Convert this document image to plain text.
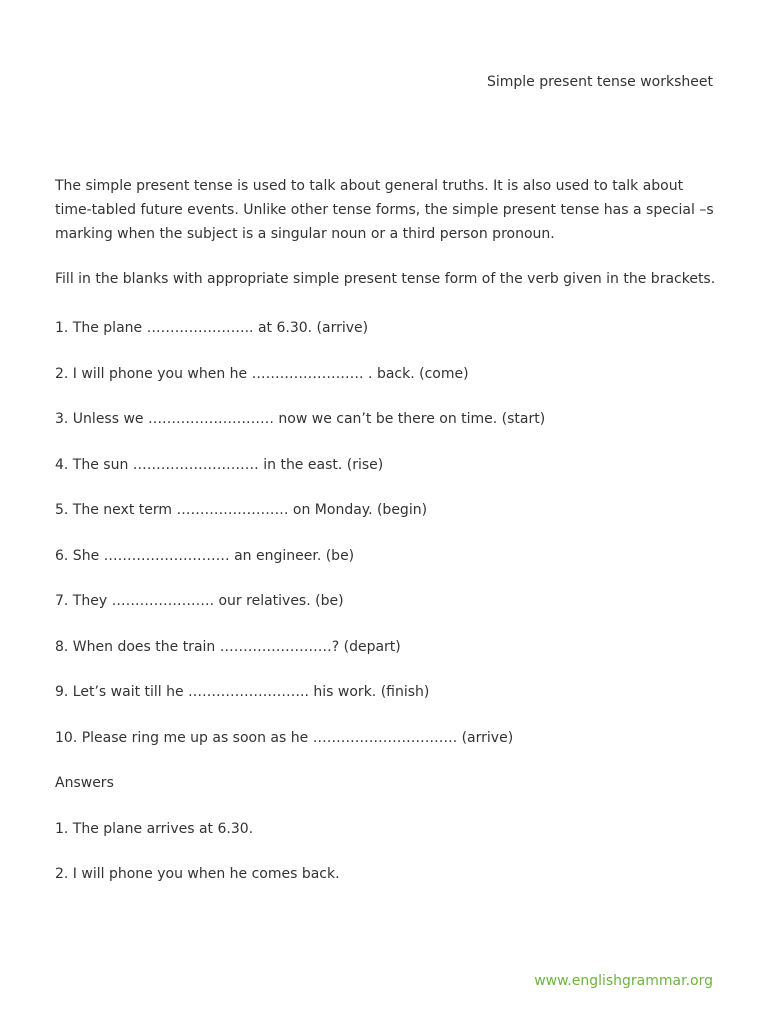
Simple present tense worksheet

The simple present tense is used to talk about general truths. It is also used to talk about time-tabled future events. Unlike other tense forms, the simple present tense has a special –s marking when the subject is a singular noun or a third person pronoun.

Fill in the blanks with appropriate simple present tense form of the verb given in the brackets.

1. The plane ………………….. at 6.30. (arrive)
2. I will phone you when he …………………… . back. (come)
3. Unless we ……………………… now we can’t be there on time. (start)
4. The sun ……………………… in the east. (rise)
5. The next term …………………… on Monday. (begin)
6. She ……………………… an engineer. (be)
7. They …………………. our relatives. (be)
8. When does the train ……………………? (depart)
9. Let’s wait till he …………………….. his work. (finish)
10. Please ring me up as soon as he …………………………. (arrive)

Answers

1. The plane arrives at 6.30.
2. I will phone you when he comes back.
www.englishgrammar.org
